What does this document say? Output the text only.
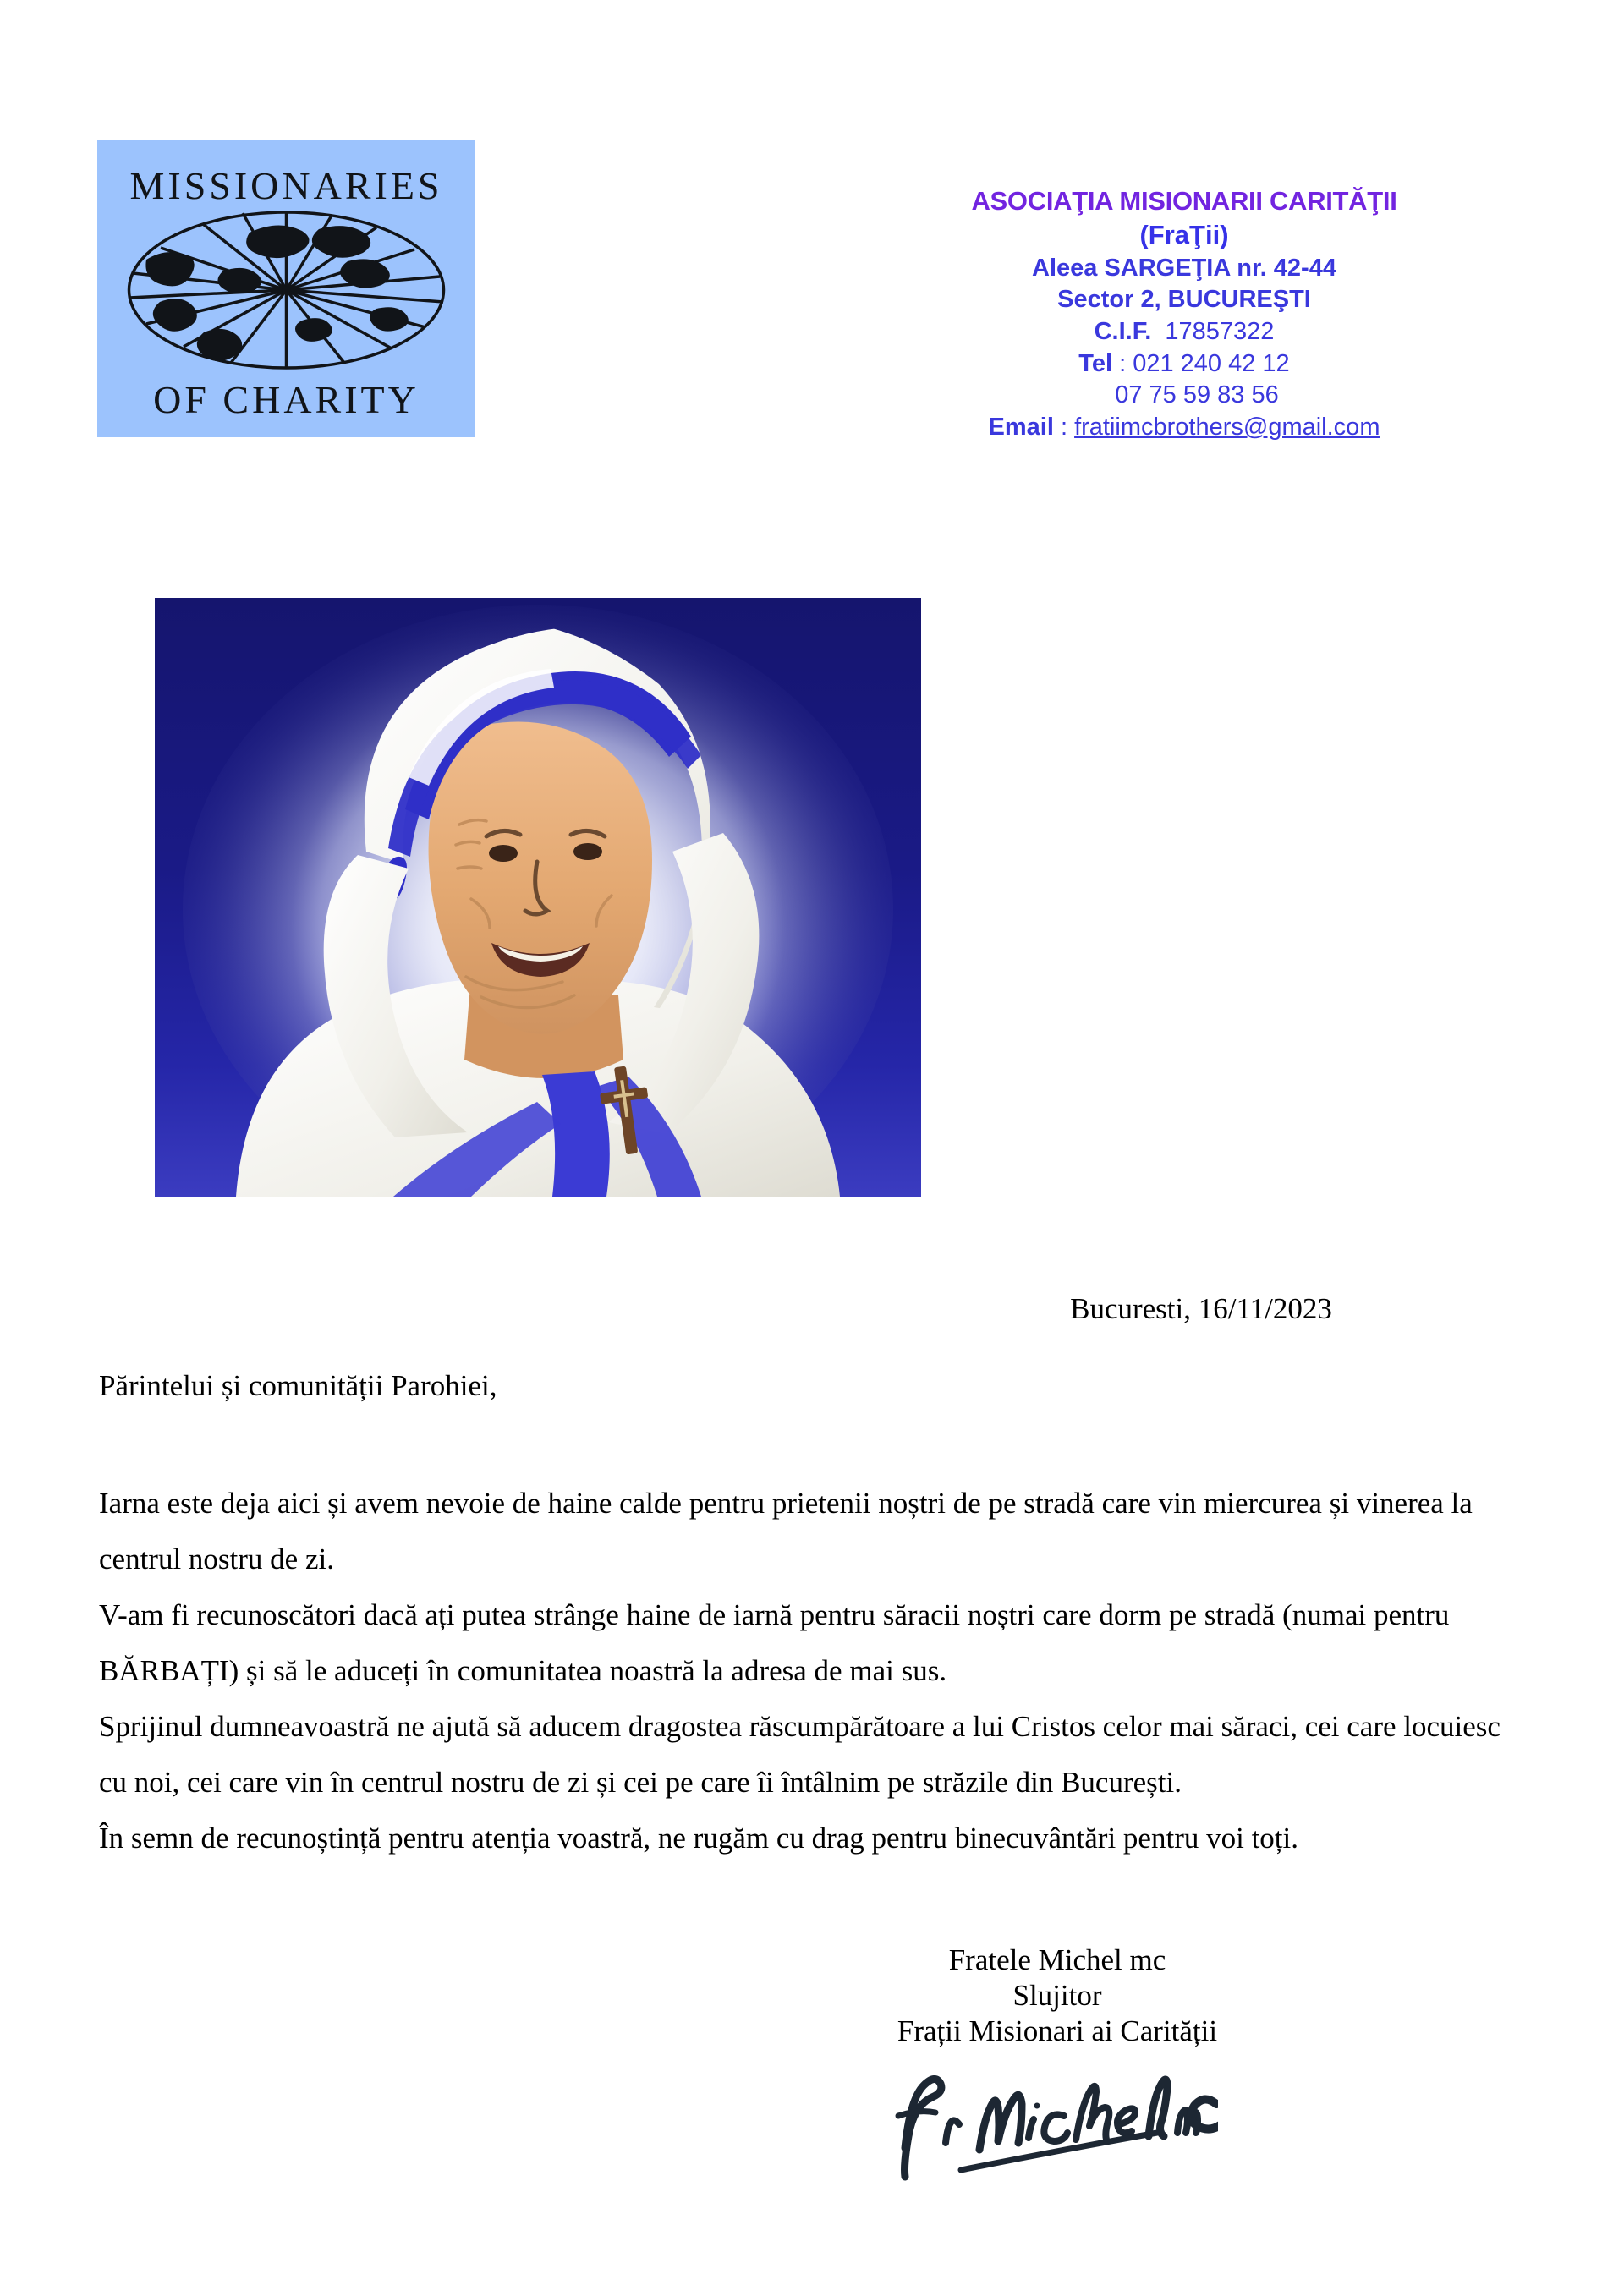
MISSIONARIES
OF CHARITY
ASOCIAŢIA MISIONARII CARITĂŢII
(FraŢii)
Aleea SARGEŢIA nr. 42-44
Sector 2, BUCUREŞTI
C.I.F. 17857322
Tel : 021 240 42 12
07 75 59 83 56
Email : fratiimcbrothers@gmail.com
Bucuresti, 16/11/2023
Părintelui și comunității Parohiei,

Iarna este deja aici și avem nevoie de haine calde pentru prietenii noștri de pe stradă care vin miercurea și vinerea la centrul nostru de zi.

V-am fi recunoscători dacă ați putea strânge haine de iarnă pentru săracii noștri care dorm pe stradă (numai pentru BĂRBAȚI) și să le aduceți în comunitatea noastră la adresa de mai sus.

Sprijinul dumneavoastră ne ajută să aducem dragostea răscumpărătoare a lui Cristos celor mai săraci, cei care locuiesc cu noi, cei care vin în centrul nostru de zi și cei pe care îi întâlnim pe străzile din București.

În semn de recunoștință pentru atenția voastră, ne rugăm cu drag pentru binecuvântări pentru voi toți.

Fratele Michel mc
Slujitor
Frații Misionari ai Carității
